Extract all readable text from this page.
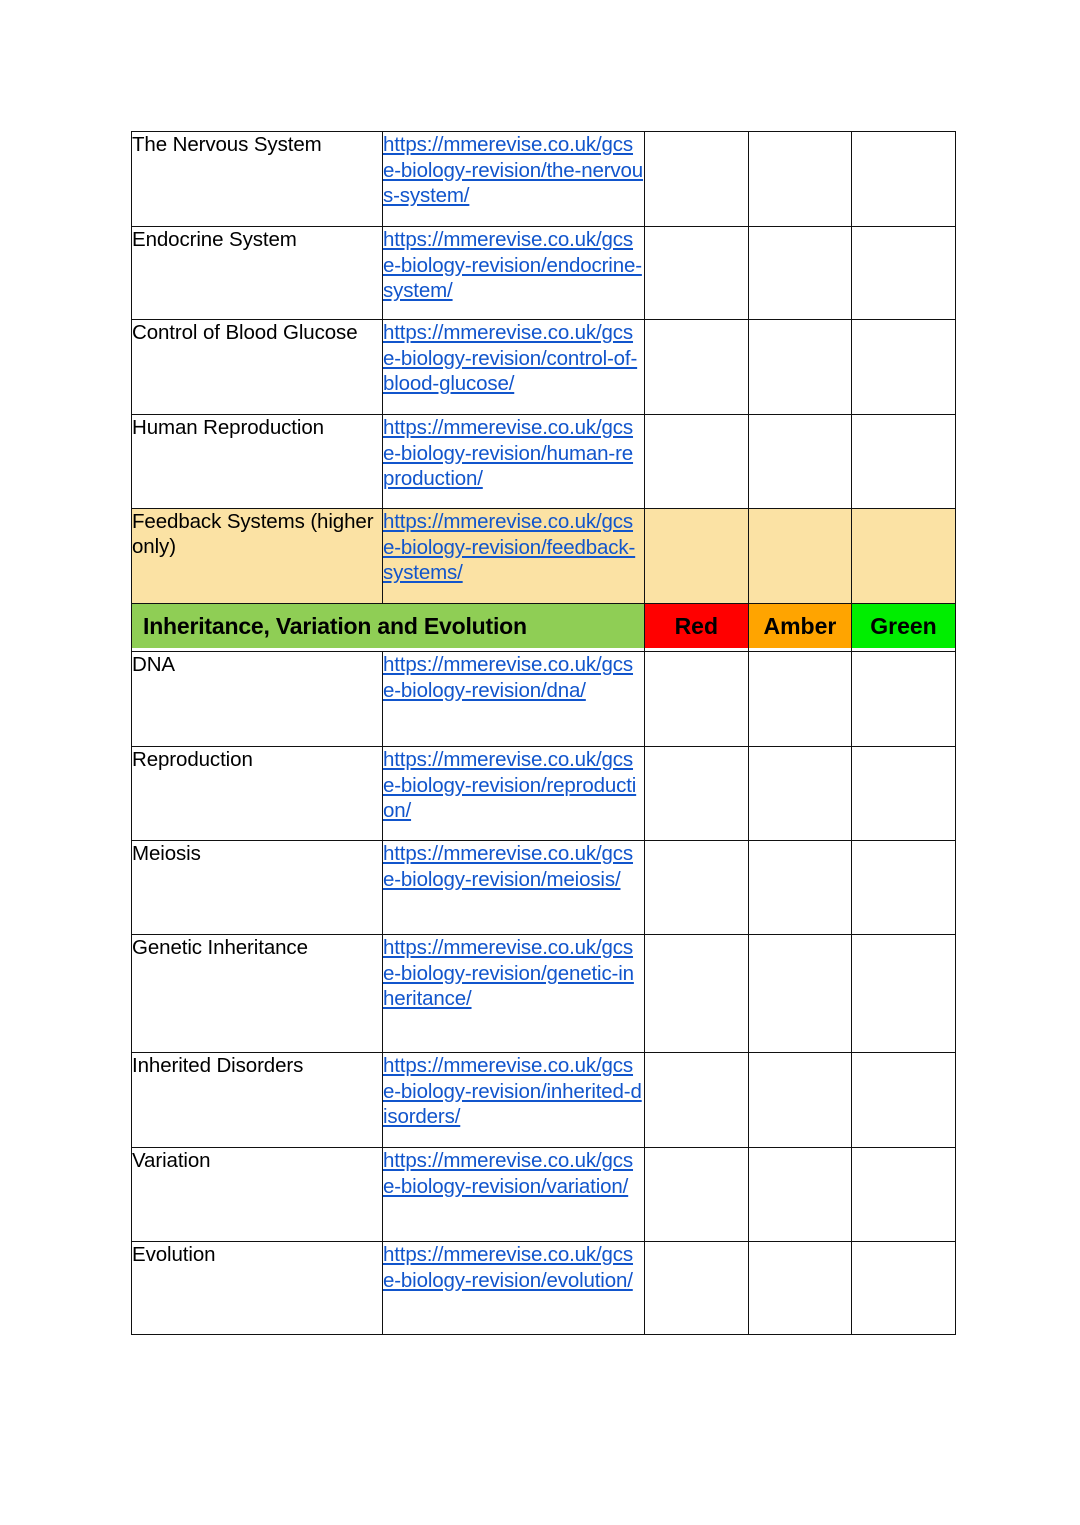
The Nervous System	https://mmerevise.co.uk/gcse-biology-revision/the-nervous-system/			
Endocrine System	https://mmerevise.co.uk/gcse-biology-revision/endocrine-system/			
Control of Blood Glucose	https://mmerevise.co.uk/gcse-biology-revision/control-of-blood-glucose/			
Human Reproduction	https://mmerevise.co.uk/gcse-biology-revision/human-reproduction/			
Feedback Systems (higher only)	https://mmerevise.co.uk/gcse-biology-revision/feedback-systems/			

Inheritance, Variation and Evolution		Red	Amber	Green

DNA	https://mmerevise.co.uk/gcse-biology-revision/dna/			
Reproduction	https://mmerevise.co.uk/gcse-biology-revision/reproduction/			
Meiosis	https://mmerevise.co.uk/gcse-biology-revision/meiosis/			
Genetic Inheritance	https://mmerevise.co.uk/gcse-biology-revision/genetic-inheritance/			
Inherited Disorders	https://mmerevise.co.uk/gcse-biology-revision/inherited-disorders/			
Variation	https://mmerevise.co.uk/gcse-biology-revision/variation/			
Evolution	https://mmerevise.co.uk/gcse-biology-revision/evolution/			
